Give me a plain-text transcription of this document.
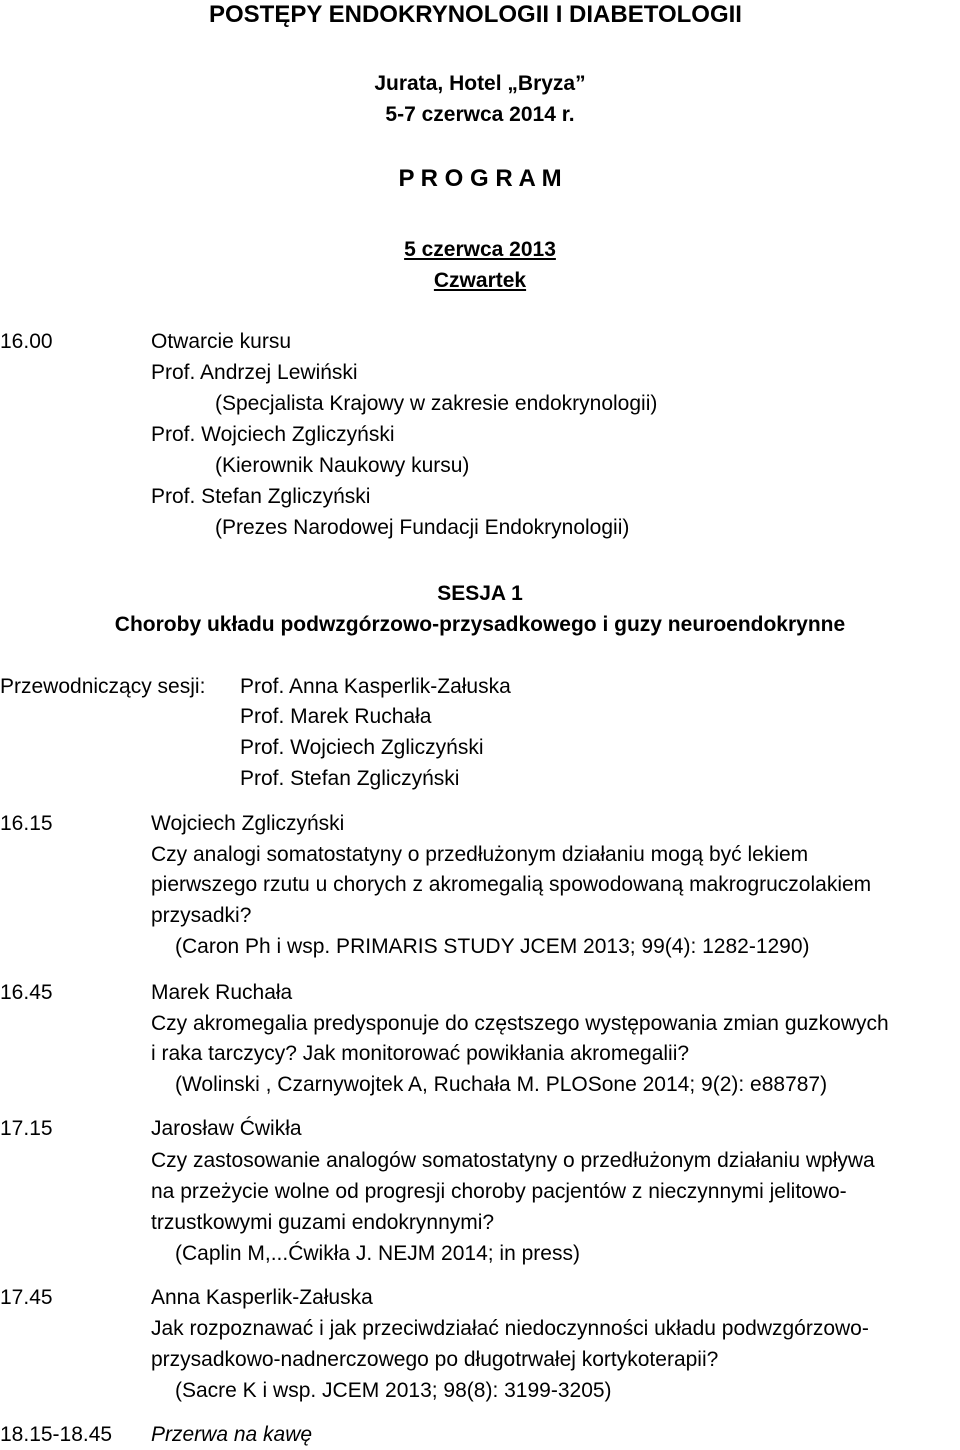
POSTĘPY ENDOKRYNOLOGII I DIABETOLOGII
Jurata, Hotel „Bryza”
5-7 czerwca 2014 r.
P R O G R A M
5 czerwca 2013
Czwartek
16.00	Otwarcie kursu
Prof. Andrzej Lewiński
(Specjalista Krajowy w zakresie endokrynologii)
Prof. Wojciech Zgliczyński
(Kierownik Naukowy kursu)
Prof. Stefan Zgliczyński
(Prezes Narodowej Fundacji Endokrynologii)
SESJA 1
Choroby układu podwzgórzowo-przysadkowego i guzy neuroendokrynne
Przewodniczący sesji: Prof. Anna Kasperlik-Załuska
Prof. Marek Ruchała
Prof. Wojciech Zgliczyński
Prof. Stefan Zgliczyński
16.15	Wojciech Zgliczyński
Czy analogi somatostatyny o przedłużonym działaniu mogą być lekiem
pierwszego rzutu u chorych z akromegalią spowodowaną makrogruczolakiem
przysadki?
(Caron Ph i wsp. PRIMARIS STUDY JCEM 2013; 99(4): 1282-1290)
16.45	Marek Ruchała
Czy akromegalia predysponuje do częstszego występowania zmian guzkowych
i raka tarczycy? Jak monitorować powikłania akromegalii?
(Wolinski , Czarnywojtek A, Ruchała M. PLOSone 2014; 9(2): e88787)
17.15	Jarosław Ćwikła
Czy zastosowanie analogów somatostatyny o przedłużonym działaniu wpływa
na przeżycie wolne od progresji choroby pacjentów z nieczynnymi jelitowo-
trzustkowymi guzami endokrynnymi?
(Caplin M,...Ćwikła J. NEJM 2014; in press)
17.45	Anna Kasperlik-Załuska
Jak rozpoznawać i jak przeciwdziałać niedoczynności układu podwzgórzowo-
przysadkowo-nadnerczowego po długotrwałej kortykoterapii?
(Sacre K i wsp. JCEM 2013; 98(8): 3199-3205)
18.15-18.45 Przerwa na kawę
